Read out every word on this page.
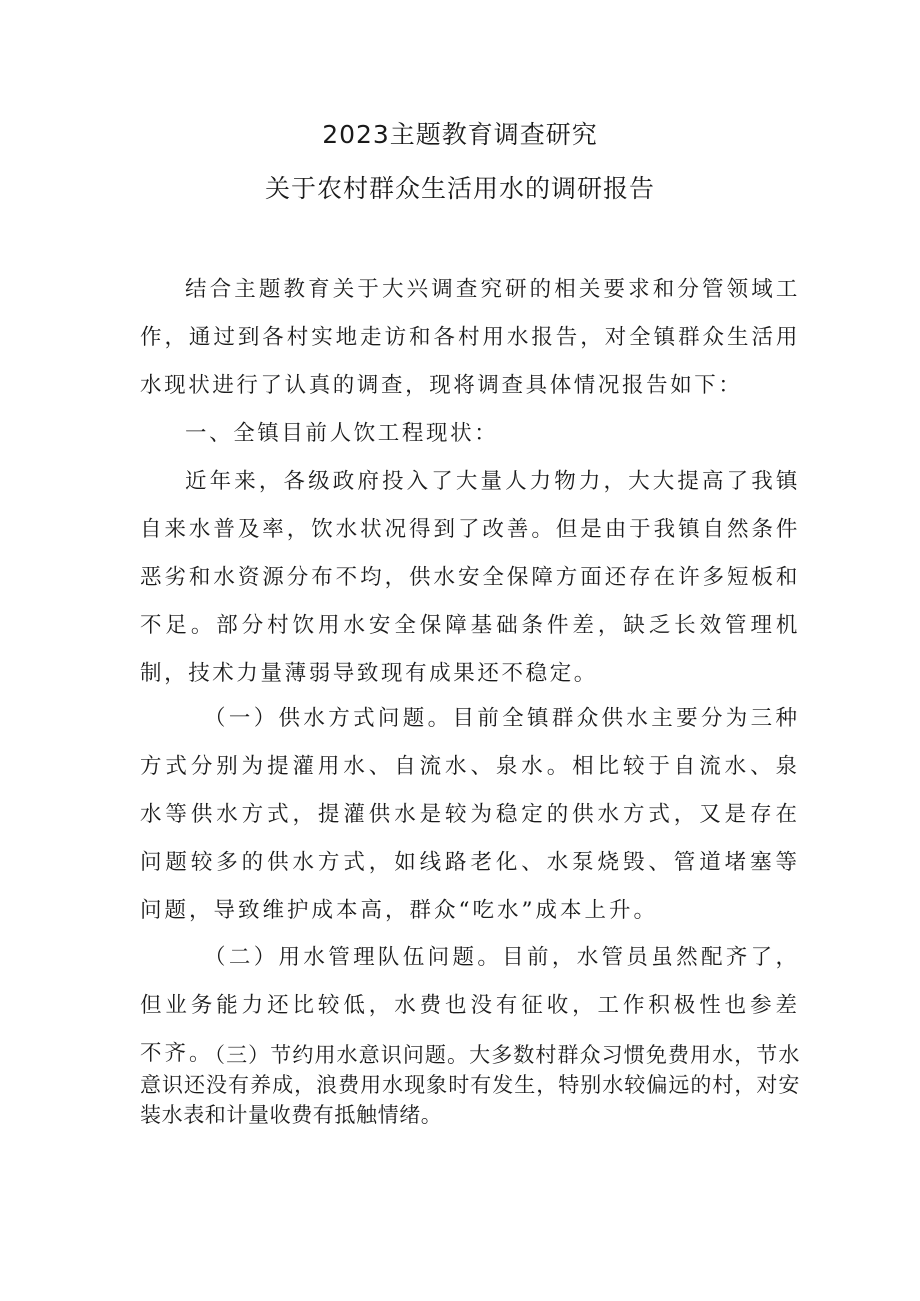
2023主题教育调查研究
关于农村群众生活用水的调研报告

结合主题教育关于大兴调查究研的相关要求和分管领域工作，通过到各村实地走访和各村用水报告，对全镇群众生活用水现状进行了认真的调查，现将调查具体情况报告如下：

一、全镇目前人饮工程现状：

近年来，各级政府投入了大量人力物力，大大提高了我镇自来水普及率，饮水状况得到了改善。但是由于我镇自然条件恶劣和水资源分布不均，供水安全保障方面还存在许多短板和不足。部分村饮用水安全保障基础条件差，缺乏长效管理机制，技术力量薄弱导致现有成果还不稳定。

（一）供水方式问题。目前全镇群众供水主要分为三种方式分别为提灌用水、自流水、泉水。相比较于自流水、泉水等供水方式，提灌供水是较为稳定的供水方式，又是存在问题较多的供水方式，如线路老化、水泵烧毁、管道堵塞等问题，导致维护成本高，群众“吃水”成本上升。

（二）用水管理队伍问题。目前，水管员虽然配齐了，但业务能力还比较低，水费也没有征收，工作积极性也参差不齐。

（三）节约用水意识问题。大多数村群众习惯免费用水，节水意识还没有养成，浪费用水现象时有发生，特别水较偏远的村，对安装水表和计量收费有抵触情绪。
